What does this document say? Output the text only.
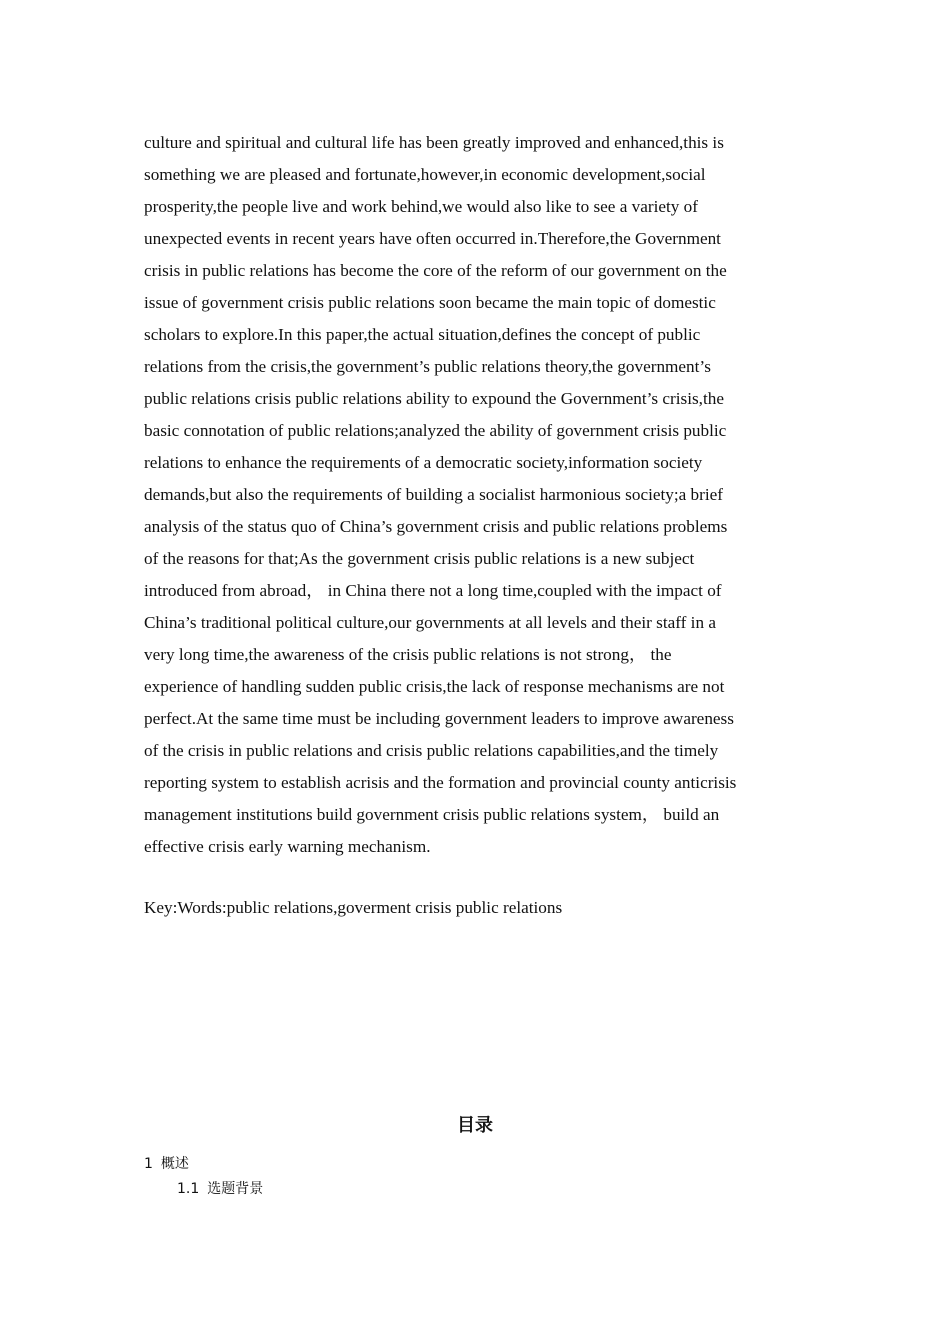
culture and spiritual and cultural life has been greatly improved and enhanced,this is
something we are pleased and fortunate,however,in economic development,social
prosperity,the people live and work behind,we would also like to see a variety of
unexpected events in recent years have often occurred in.Therefore,the Government
crisis in public relations has become the core of the reform of our government on the
issue of government crisis public relations soon became the main topic of domestic
scholars to explore.In this paper,the actual situation,defines the concept of public
relations from the crisis,the government’s public relations theory,the government’s
public relations crisis public relations ability to expound the Government’s crisis,the
basic connotation of public relations;analyzed the ability of government crisis public
relations to enhance the requirements of a democratic society,information society
demands,but also the requirements of building a socialist harmonious society;a brief
analysis of the status quo of China’s government crisis and public relations problems
of the reasons for that;As the government crisis public relations is a new subject
introduced from abroad， in China there not a long time,coupled with the impact of
China’s traditional political culture,our governments at all levels and their staff in a
very long time,the awareness of the crisis public relations is not strong， the
experience of handling sudden public crisis,the lack of response mechanisms are not
perfect.At the same time must be including government leaders to improve awareness
of the crisis in public relations and crisis public relations capabilities,and the timely
reporting system to establish acrisis and the formation and provincial county anticrisis
management institutions build government crisis public relations system， build an
effective crisis early warning mechanism.
Key:Words:public relations,goverment crisis public relations
目录
1 概述
1.1 选题背景
